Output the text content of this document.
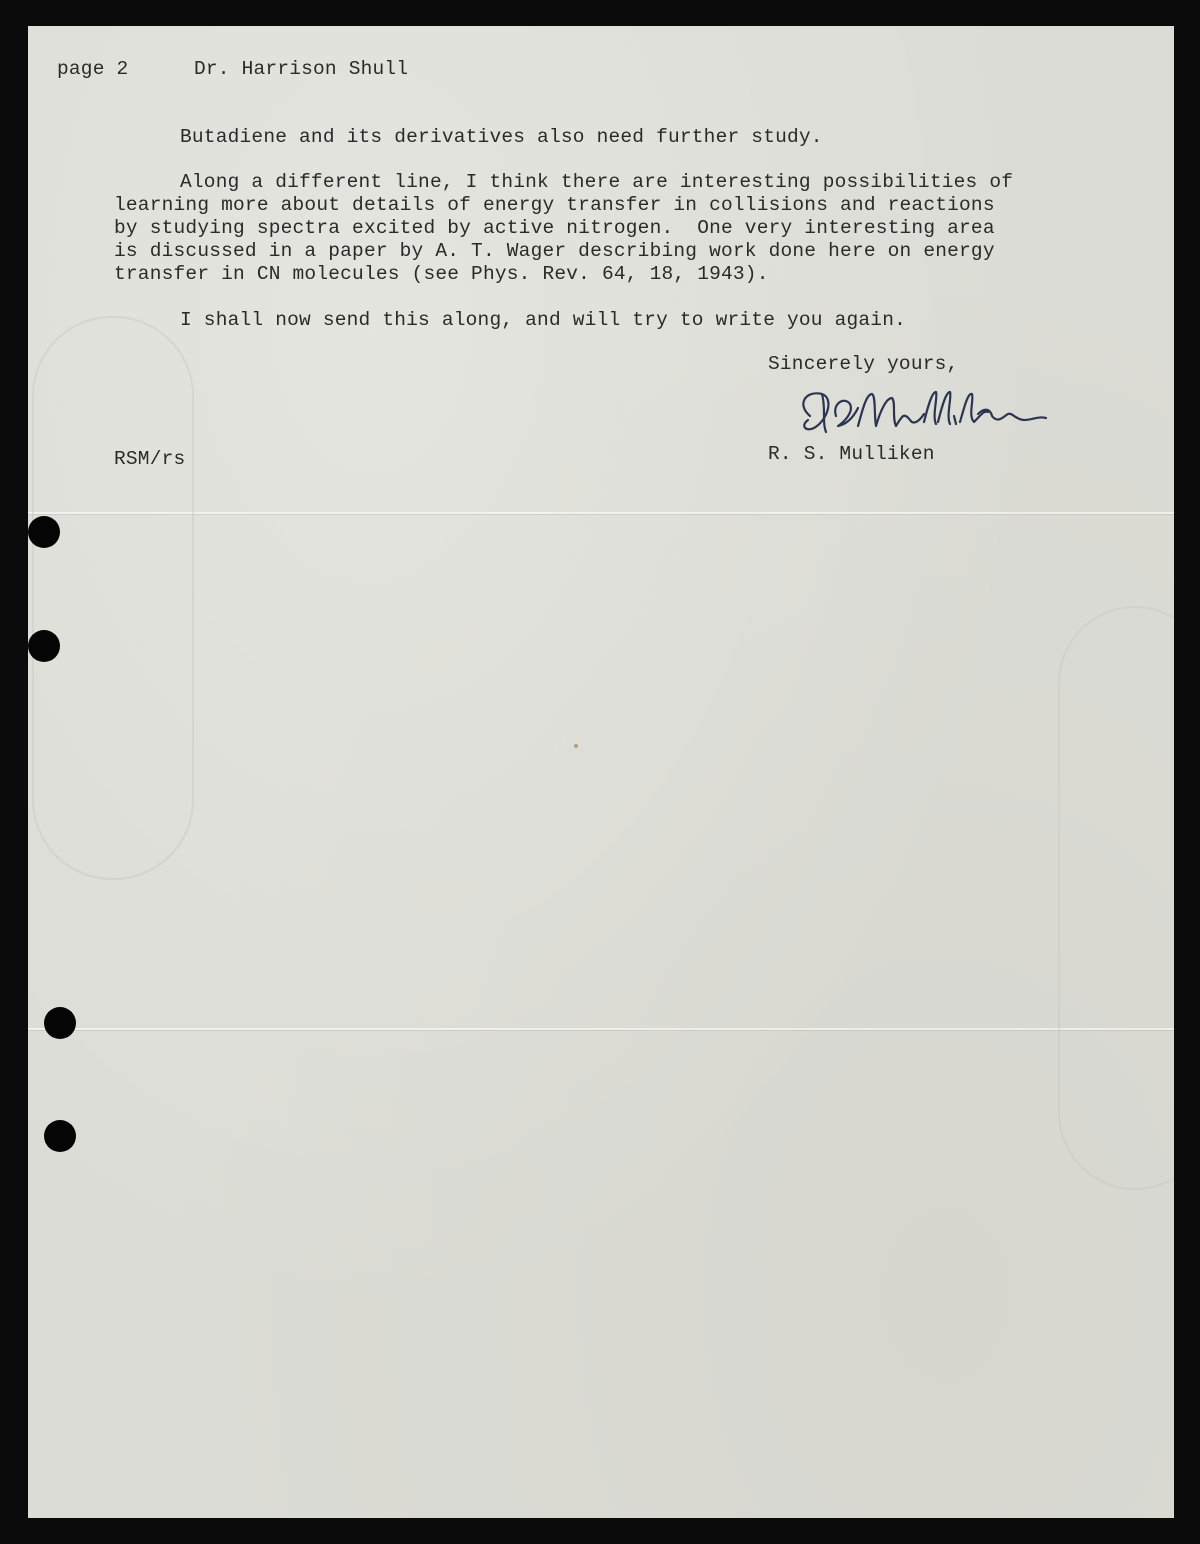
page 2	Dr. Harrison Shull
Butadiene and its derivatives also need further study.
Along a different line, I think there are interesting possibilities of
learning more about details of energy transfer in collisions and reactions
by studying spectra excited by active nitrogen.  One very interesting area
is discussed in a paper by A. T. Wager describing work done here on energy
transfer in CN molecules (see Phys. Rev. 64, 18, 1943).
I shall now send this along, and will try to write you again.
Sincerely yours,
R. S. Mulliken
RSM/rs
